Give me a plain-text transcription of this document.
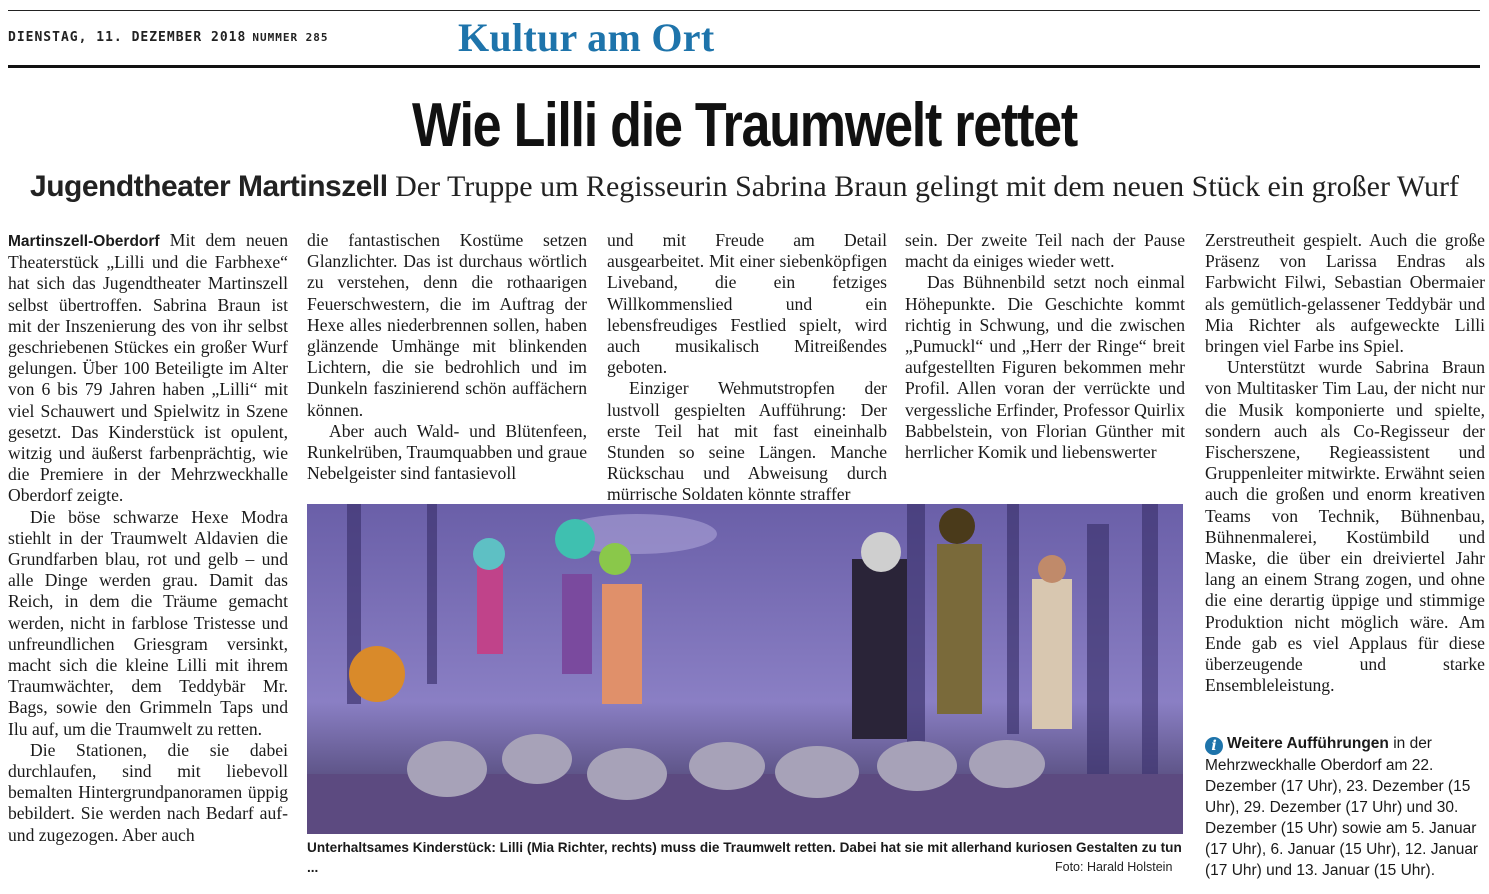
DIENSTAG, 11. DEZEMBER 2018 NUMMER 285	Kultur am Ort
Wie Lilli die Traumwelt rettet
Jugendtheater Martinszell Der Truppe um Regisseurin Sabrina Braun gelingt mit dem neuen Stück ein großer Wurf

Martinszell-Oberdorf Mit dem neuen Theaterstück „Lilli und die Farbhexe“ hat sich das Jugendtheater Martinszell selbst übertroffen. Sabrina Braun ist mit der Inszenierung des von ihr selbst geschriebenen Stückes ein großer Wurf gelungen. Über 100 Beteiligte im Alter von 6 bis 79 Jahren haben „Lilli“ mit viel Schauwert und Spielwitz in Szene gesetzt. Das Kinderstück ist opulent, witzig und äußerst farbenprächtig, wie die Premiere in der Mehrzweckhalle Oberdorf zeigte.

Die böse schwarze Hexe Modra stiehlt in der Traumwelt Aldavien die Grundfarben blau, rot und gelb – und alle Dinge werden grau. Damit das Reich, in dem die Träume gemacht werden, nicht in farblose Tristesse und unfreundlichen Griesgram versinkt, macht sich die kleine Lilli mit ihrem Traumwächter, dem Teddybär Mr. Bags, sowie den Grimmeln Taps und Ilu auf, um die Traumwelt zu retten.

Die Stationen, die sie dabei durchlaufen, sind mit liebevoll bemalten Hintergrundpanoramen üppig bebildert. Sie werden nach Bedarf auf- und zugezogen. Aber auch

die fantastischen Kostüme setzen Glanzlichter. Das ist durchaus wörtlich zu verstehen, denn die rothaarigen Feuerschwestern, die im Auftrag der Hexe alles niederbrennen sollen, haben glänzende Umhänge mit blinkenden Lichtern, die sie bedrohlich und im Dunkeln faszinierend schön auffächern können.

Aber auch Wald- und Blütenfeen, Runkelrüben, Traumquabben und graue Nebelgeister sind fantasievoll

und mit Freude am Detail ausgearbeitet. Mit einer siebenköpfigen Liveband, die ein fetziges Willkommenslied und ein lebensfreudiges Festlied spielt, wird auch musikalisch Mitreißendes geboten.

Einziger Wehmutstropfen der lustvoll gespielten Aufführung: Der erste Teil hat mit fast eineinhalb Stunden so seine Längen. Manche Rückschau und Abweisung durch mürrische Soldaten könnte straffer

sein. Der zweite Teil nach der Pause macht da einiges wieder wett.

Das Bühnenbild setzt noch einmal Höhepunkte. Die Geschichte kommt richtig in Schwung, und die zwischen „Pumuckl“ und „Herr der Ringe“ breit aufgestellten Figuren bekommen mehr Profil. Allen voran der verrückte und vergessliche Erfinder, Professor Quirlix Babbelstein, von Florian Günther mit herrlicher Komik und liebenswerter

Zerstreutheit gespielt. Auch die große Präsenz von Larissa Endras als Farbwicht Filwi, Sebastian Obermaier als gemütlich-gelassener Teddybär und Mia Richter als aufgeweckte Lilli bringen viel Farbe ins Spiel.

Unterstützt wurde Sabrina Braun von Multitasker Tim Lau, der nicht nur die Musik komponierte und spielte, sondern auch als Co-Regisseur der Fischerszene, Regieassistent und Gruppenleiter mitwirkte. Erwähnt seien auch die großen und enorm kreativen Teams von Technik, Bühnenbau, Bühnenmalerei, Kostümbild und Maske, die über ein dreiviertel Jahr lang an einem Strang zogen, und ohne die eine derartig üppige und stimmige Produktion nicht möglich wäre. Am Ende gab es viel Applaus für diese überzeugende und starke Ensembleleistung.

Unterhaltsames Kinderstück: Lilli (Mia Richter, rechts) muss die Traumwelt retten. Dabei hat sie mit allerhand kuriosen Gestalten zu tun ...	Foto: Harald Holstein
i Weitere Aufführungen in der Mehrzweckhalle Oberdorf am 22. Dezember (17 Uhr), 23. Dezember (15 Uhr), 29. Dezember (17 Uhr) und 30. Dezember (15 Uhr) sowie am 5. Januar (17 Uhr), 6. Januar (15 Uhr), 12. Januar (17 Uhr) und 13. Januar (15 Uhr).
